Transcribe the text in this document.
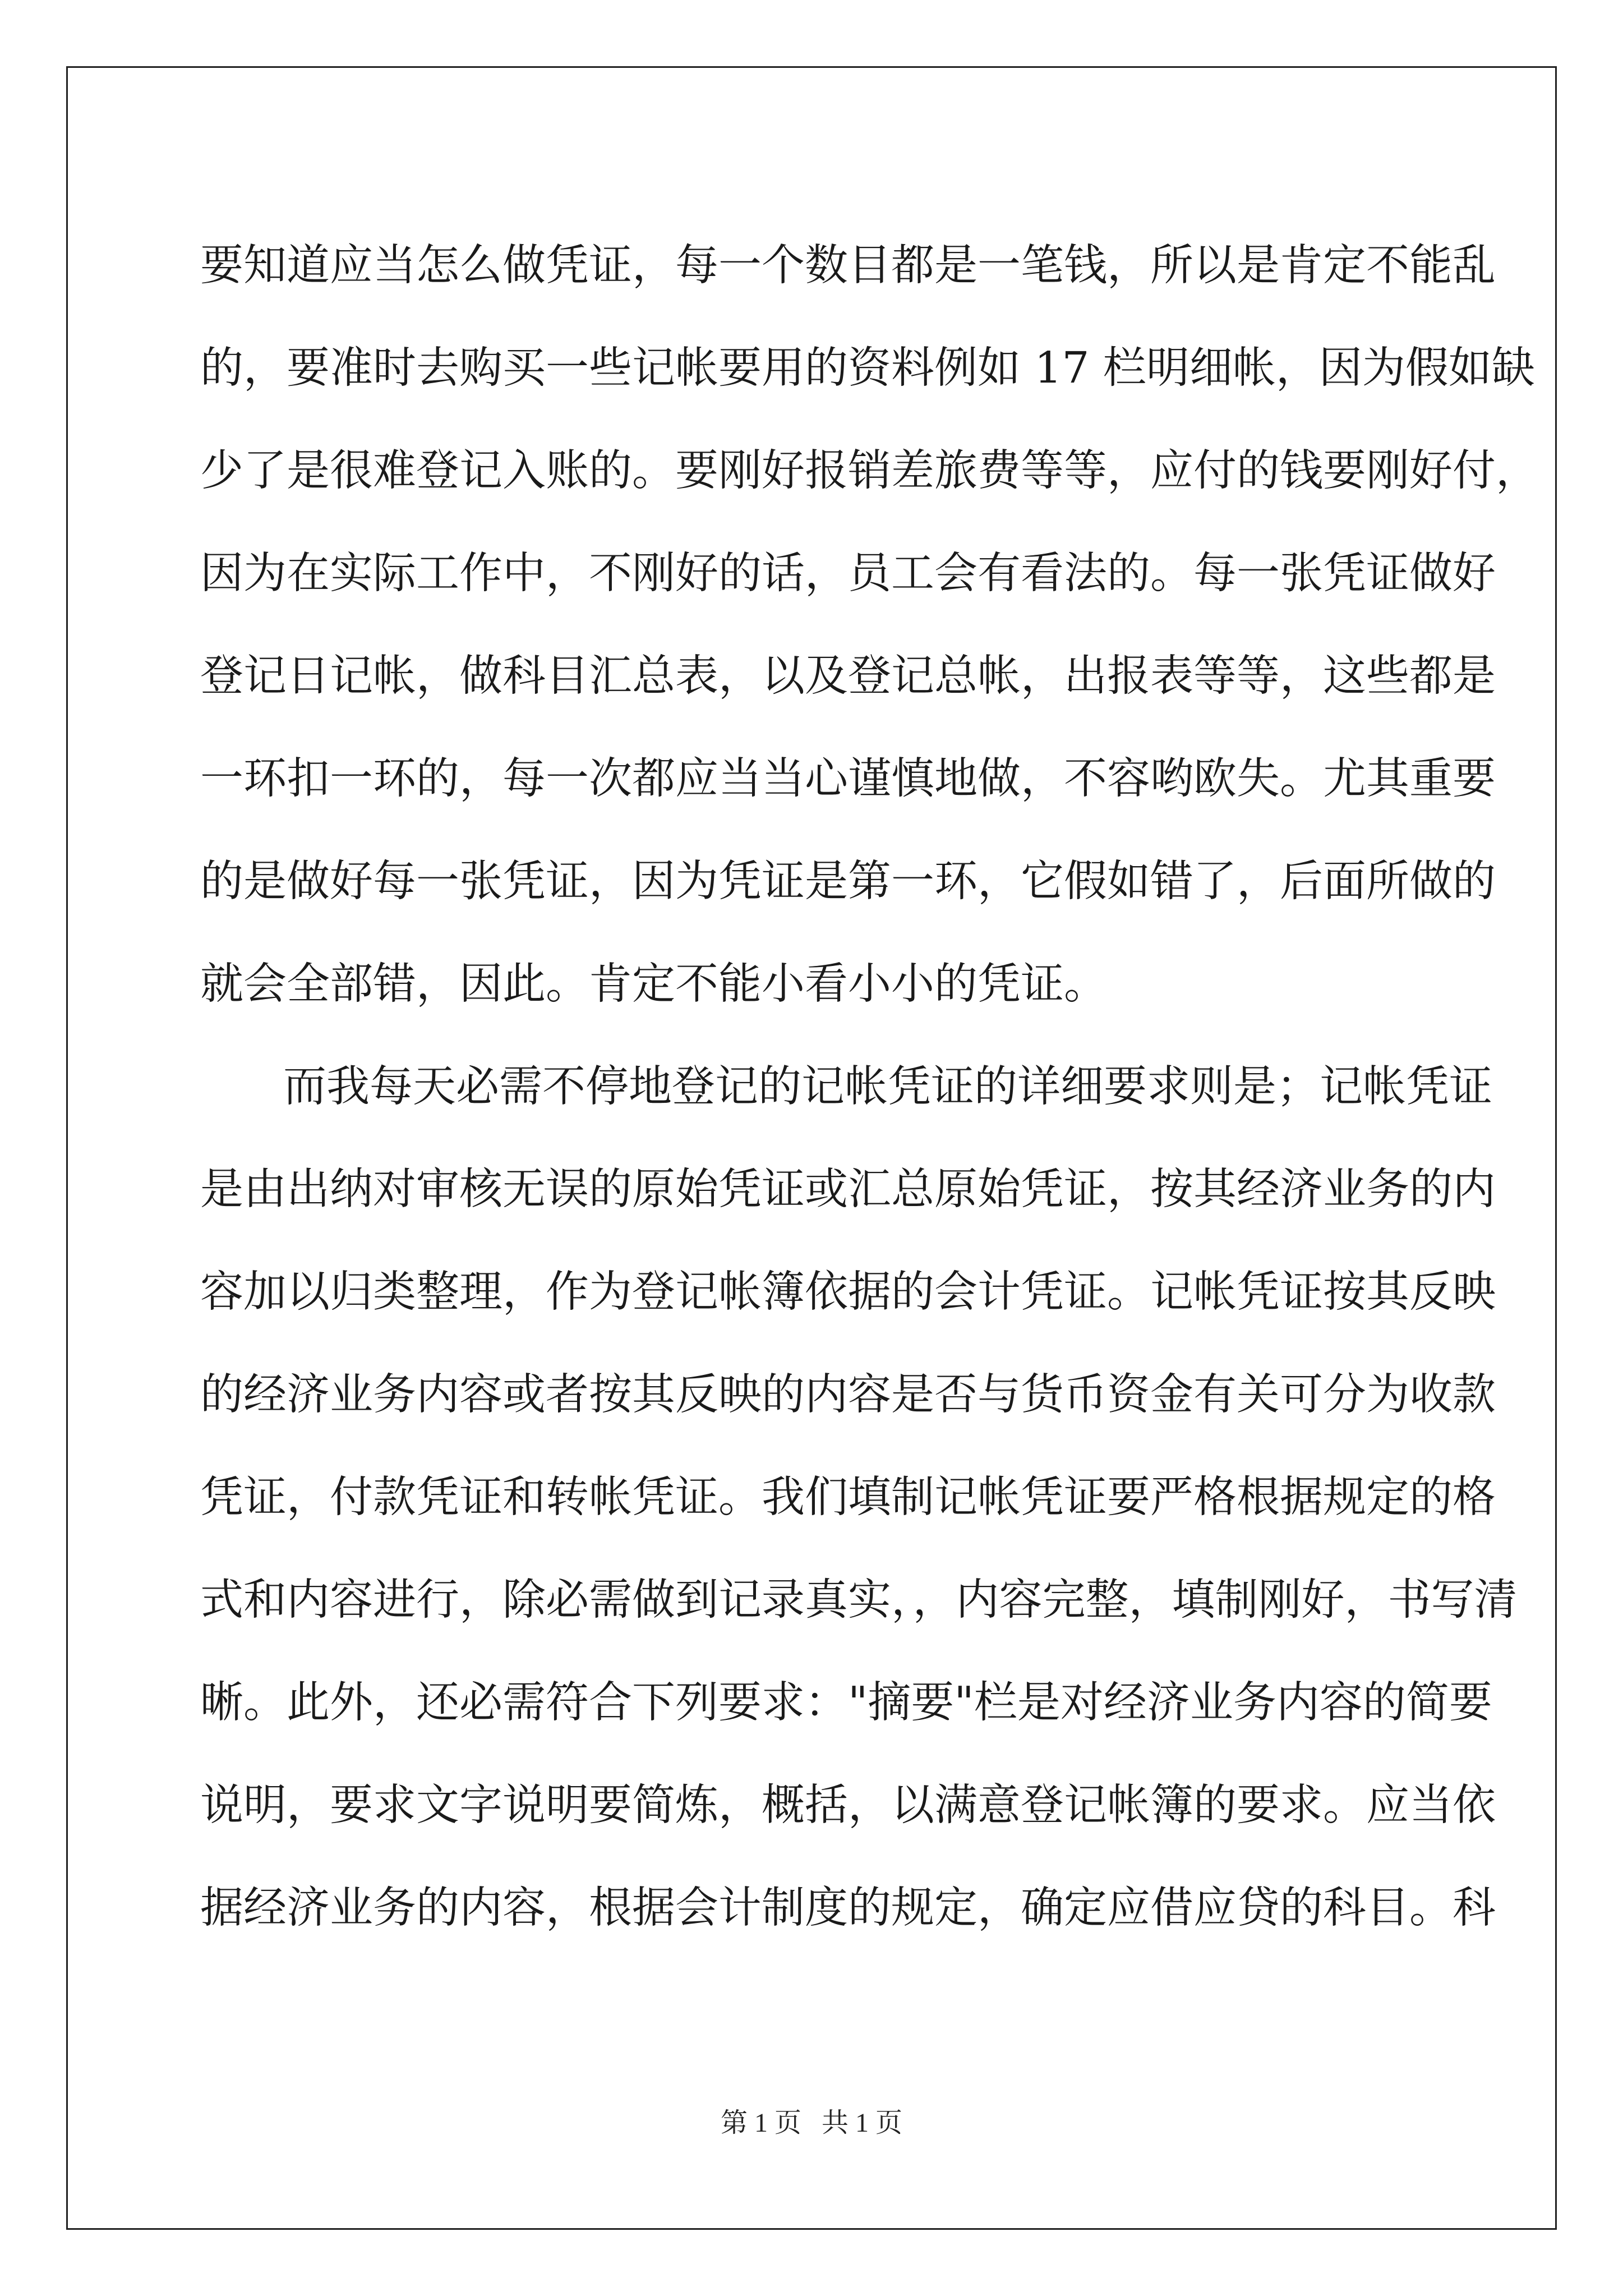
要知道应当怎么做凭证，每一个数目都是一笔钱，所以是肯定不能乱
的，要准时去购买一些记帐要用的资料例如 17 栏明细帐，因为假如缺
少了是很难登记入账的。要刚好报销差旅费等等，应付的钱要刚好付，
因为在实际工作中，不刚好的话，员工会有看法的。每一张凭证做好
登记日记帐，做科目汇总表，以及登记总帐，出报表等等，这些都是
一环扣一环的，每一次都应当当心谨慎地做，不容哟欧失。尤其重要
的是做好每一张凭证，因为凭证是第一环，它假如错了，后面所做的
就会全部错，因此。肯定不能小看小小的凭证。
而我每天必需不停地登记的记帐凭证的详细要求则是；记帐凭证
是由出纳对审核无误的原始凭证或汇总原始凭证，按其经济业务的内
容加以归类整理，作为登记帐簿依据的会计凭证。记帐凭证按其反映
的经济业务内容或者按其反映的内容是否与货币资金有关可分为收款
凭证，付款凭证和转帐凭证。我们填制记帐凭证要严格根据规定的格
式和内容进行，除必需做到记录真实，，内容完整，填制刚好，书写清
晰。此外，还必需符合下列要求："摘要"栏是对经济业务内容的简要
说明，要求文字说明要简炼，概括，以满意登记帐簿的要求。应当依
据经济业务的内容，根据会计制度的规定，确定应借应贷的科目。科
第 1 页 共 1 页
